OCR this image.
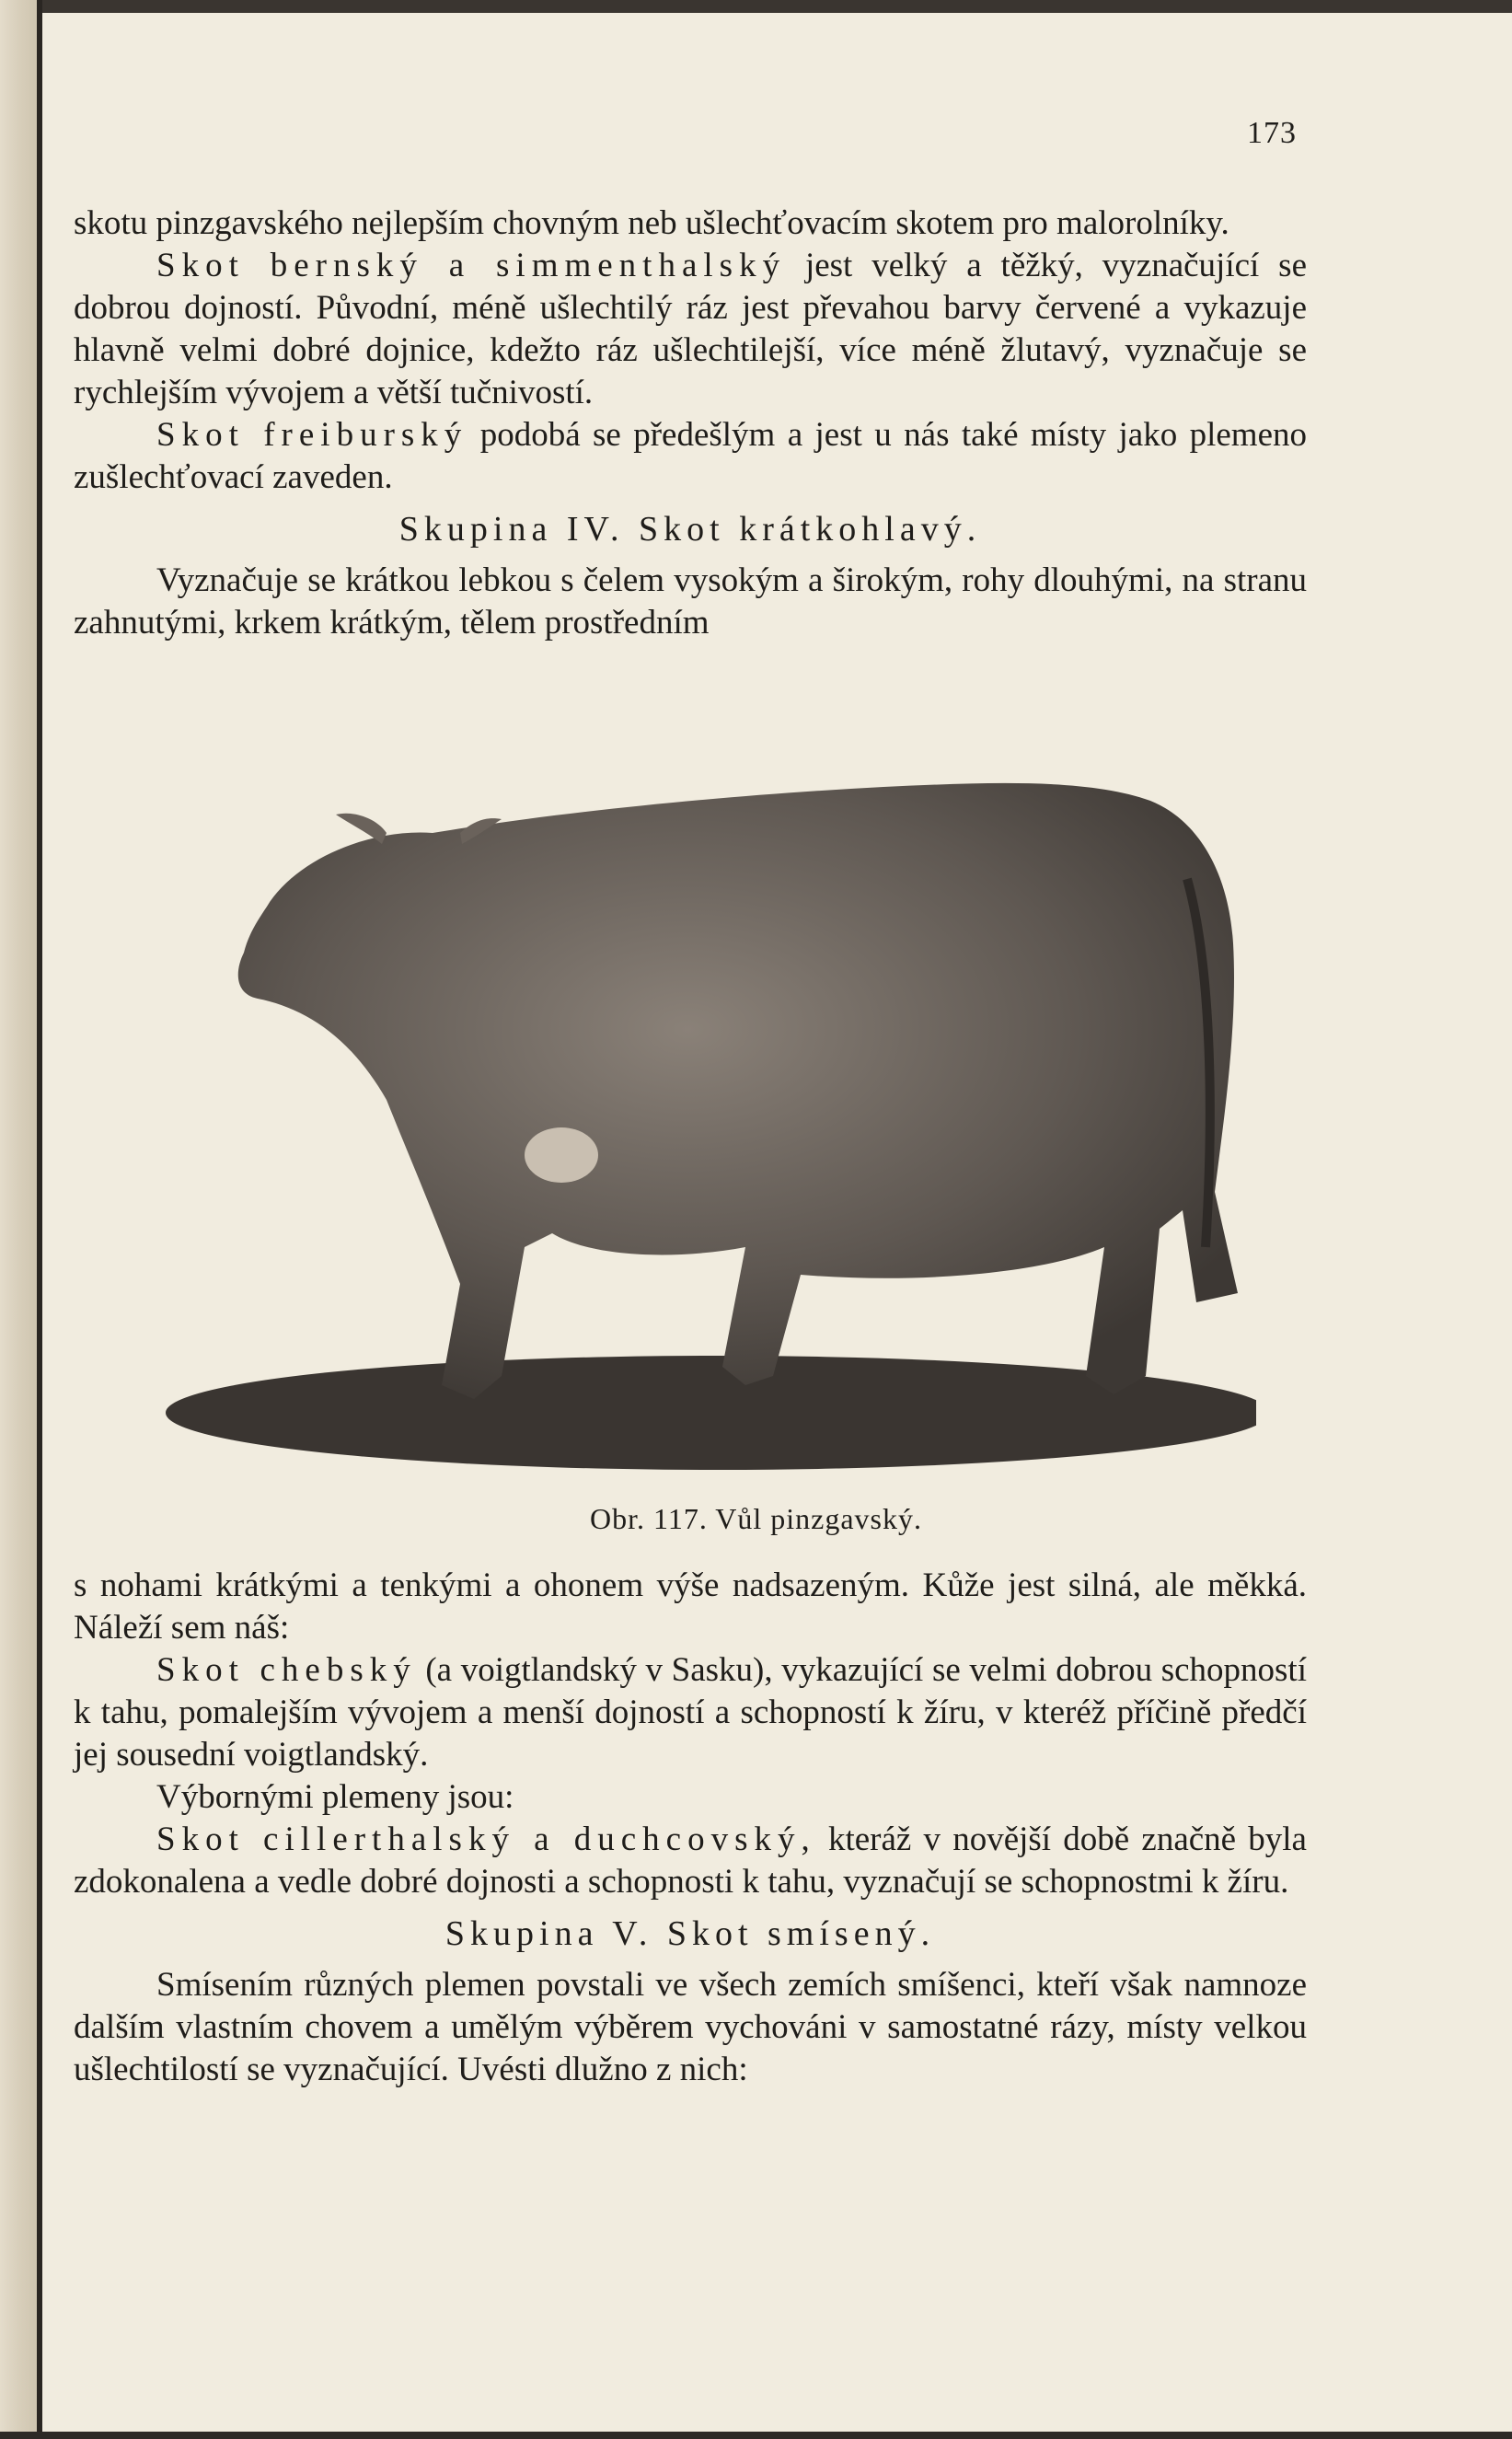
173

skotu pinzgavského nejlepším chovným neb ušlechťovacím skotem pro malorolníky.

Skot bernský a simmenthalský jest velký a těžký, vyznačující se dobrou dojností. Původní, méně ušlechtilý ráz jest převahou barvy červené a vykazuje hlavně velmi dobré dojnice, kdežto ráz ušlechtilejší, více méně žlutavý, vyznačuje se rychlejším vývojem a větší tučnivostí.

Skot freiburský podobá se předešlým a jest u nás také místy jako plemeno zušlechťovací zaveden.

Skupina IV. Skot krátkohlavý.

Vyznačuje se krátkou lebkou s čelem vysokým a širokým, rohy dlouhými, na stranu zahnutými, krkem krátkým, tělem prostředním

Obr. 117. Vůl pinzgavský.

s nohami krátkými a tenkými a ohonem výše nadsazeným. Kůže jest silná, ale měkká. Náleží sem náš:

Skot chebský (a voigtlandský v Sasku), vykazující se velmi dobrou schopností k tahu, pomalejším vývojem a menší dojností a schopností k žíru, v kteréž příčině předčí jej sousední voigtlandský.

Výbornými plemeny jsou:

Skot cillerthalský a duchcovský, kteráž v novější době značně byla zdokonalena a vedle dobré dojnosti a schopnosti k tahu, vyznačují se schopnostmi k žíru.

Skupina V. Skot smísený.

Smísením různých plemen povstali ve všech zemích smíšenci, kteří však namnoze dalším vlastním chovem a umělým výběrem vychováni v samostatné rázy, místy velkou ušlechtilostí se vyznačující. Uvésti dlužno z nich:
